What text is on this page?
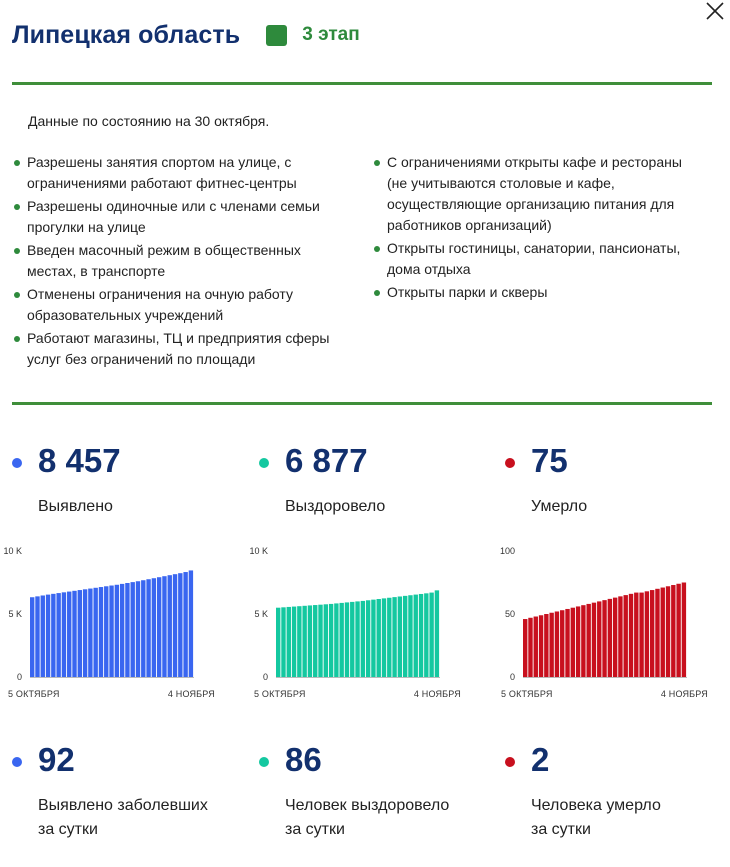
Липецкая область	3 этап
Данные по состоянию на 30 октября.
Разрешены занятия спортом на улице, с ограничениями работают фитнес-центры
Разрешены одиночные или с членами семьи прогулки на улице
Введен масочный режим в общественных местах, в транспорте
Отменены ограничения на очную работу образовательных учреждений
Работают магазины, ТЦ и предприятия сферы услуг без ограничений по площади
С ограничениями открыты кафе и рестораны (не учитываются столовые и кафе, осуществляющие организацию питания для работников организаций)
Открыты гостиницы, санатории, пансионаты, дома отдыха
Открыты парки и скверы
8 457
Выявлено
6 877
Выздоровело
75
Умерло
10 K
5 K
0
5 ОКТЯБРЯ	4 НОЯБРЯ
10 K
5 K
0
5 ОКТЯБРЯ	4 НОЯБРЯ
100
50
0
5 ОКТЯБРЯ	4 НОЯБРЯ
92
Выявлено заболевших
за сутки
86
Человек выздоровело
за сутки
2
Человека умерло
за сутки
